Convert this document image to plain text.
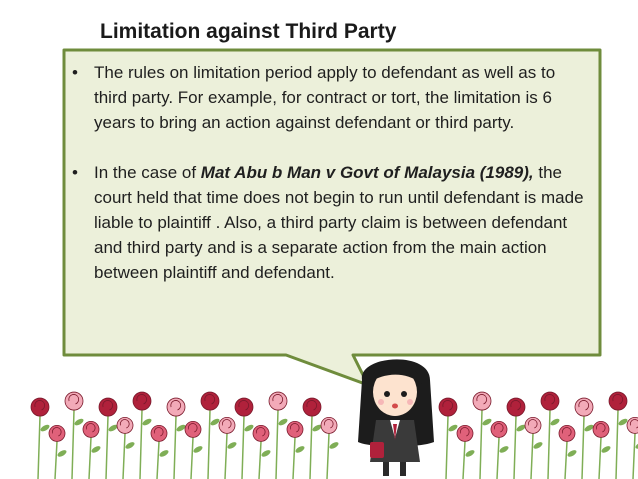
Limitation against Third Party
• The rules on limitation period apply to defendant as well as to third party. For example, for contract or tort, the limitation is 6 years to bring an action against defendant or third party.
• In the case of Mat Abu b Man v Govt of Malaysia (1989), the court held that time does not begin to run until defendant is made liable to plaintiff . Also, a third party claim is between defendant and third party and is a separate action from the main action between plaintiff and defendant.
